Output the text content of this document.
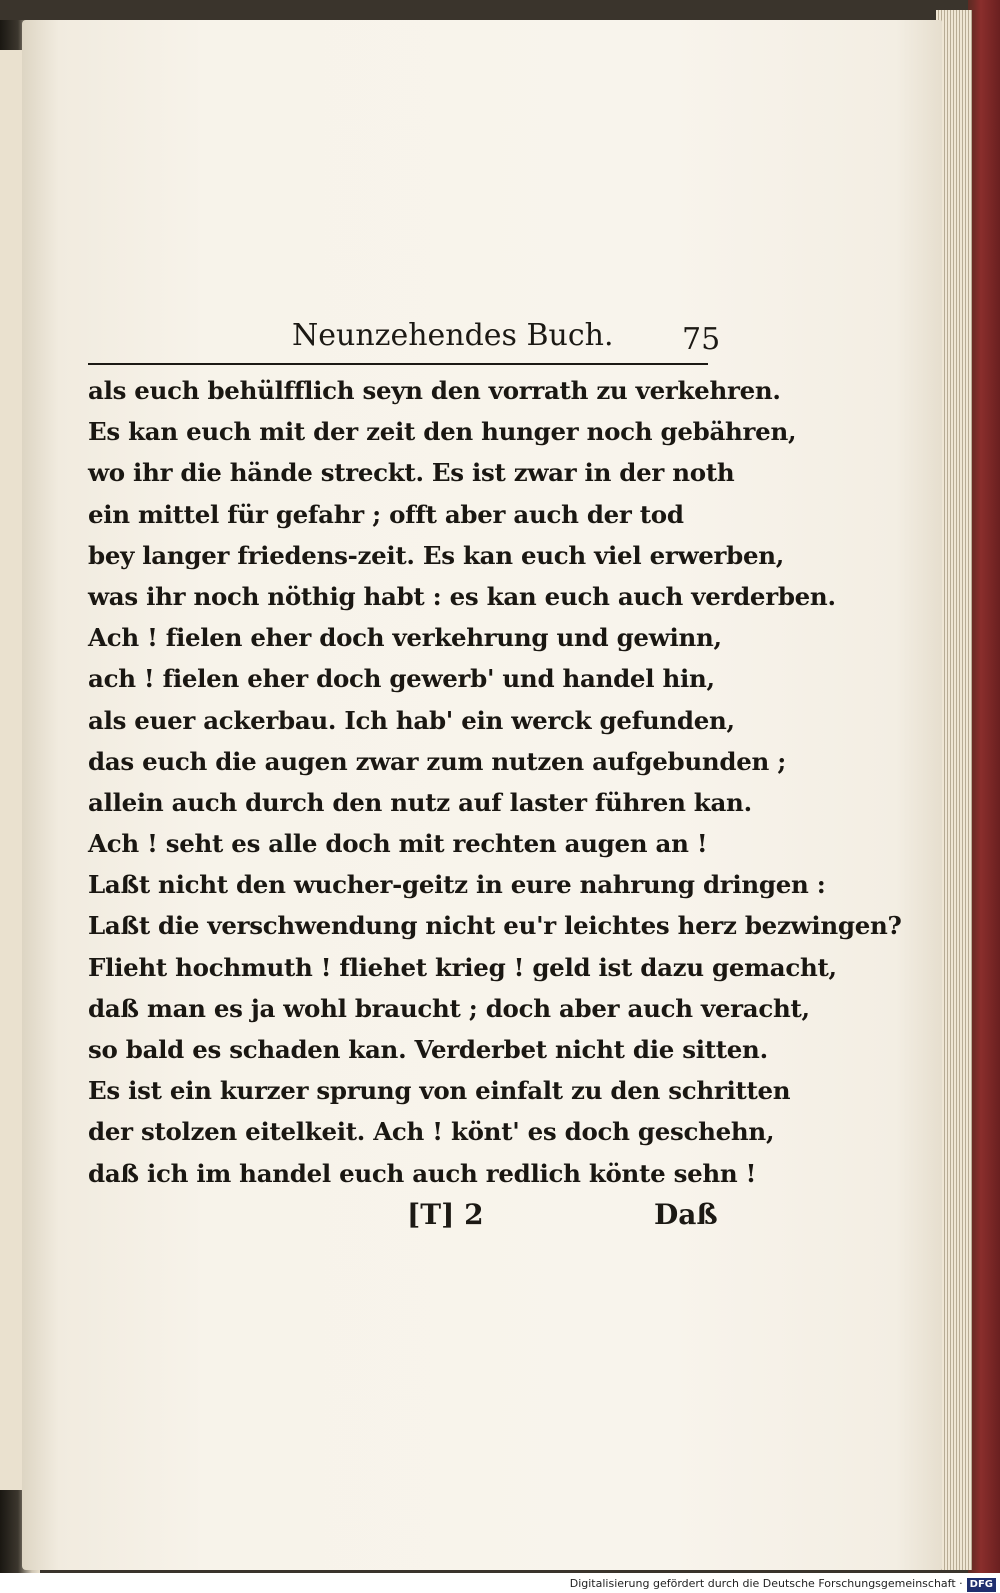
Neunzehendes Buch. 75
als euch behülfflich seyn den vorrath zu verkehren.
Es kan euch mit der zeit den hunger noch gebähren,
wo ihr die hände streckt. Es ist zwar in der noth
ein mittel für gefahr ; offt aber auch der tod
bey langer friedens-zeit. Es kan euch viel erwerben,
was ihr noch nöthig habt : es kan euch auch verderben.
Ach ! fielen eher doch verkehrung und gewinn,
ach ! fielen eher doch gewerb' und handel hin,
als euer ackerbau. Ich hab' ein werck gefunden,
das euch die augen zwar zum nutzen aufgebunden ;
allein auch durch den nutz auf laster führen kan.
Ach ! seht es alle doch mit rechten augen an !
Laßt nicht den wucher-geitz in eure nahrung dringen :
Laßt die verschwendung nicht eu'r leichtes herz bezwingen?
Flieht hochmuth ! fliehet krieg ! geld ist dazu gemacht,
daß man es ja wohl braucht ; doch aber auch veracht,
so bald es schaden kan. Verderbet nicht die sitten.
Es ist ein kurzer sprung von einfalt zu den schritten
der stolzen eitelkeit. Ach ! könt' es doch geschehn,
daß ich im handel euch auch redlich könte sehn !
[T] 2	Daß
Digitalisierung gefördert durch die Deutsche Forschungsgemeinschaft · DFG
